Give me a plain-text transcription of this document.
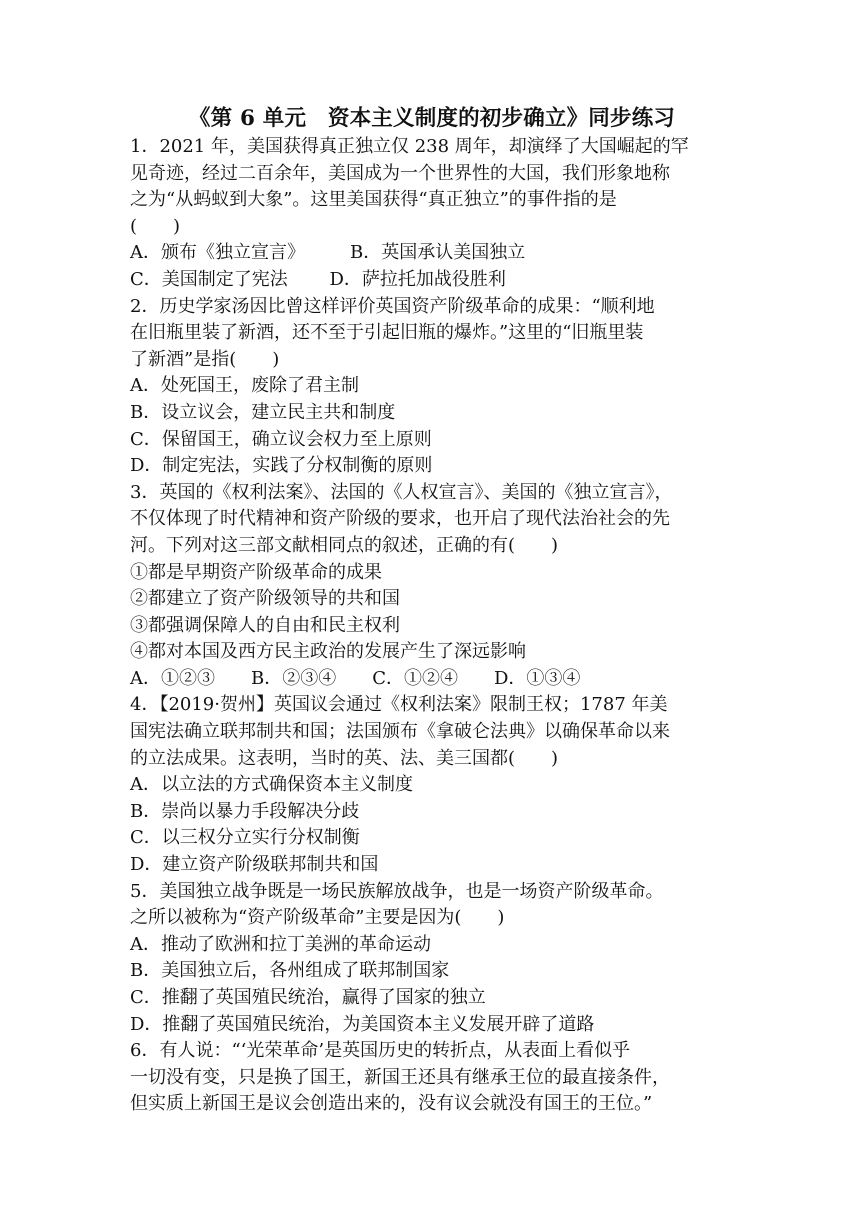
《第 6 单元　资本主义制度的初步确立》同步练习
1．2021 年，美国获得真正独立仅 238 周年，却演绎了大国崛起的罕
见奇迹，经过二百余年，美国成为一个世界性的大国，我们形象地称
之为“从蚂蚁到大象”。这里美国获得“真正独立”的事件指的是
(　　)
A．颁布《独立宣言》　　　B．英国承认美国独立
C．美国制定了宪法　　 D．萨拉托加战役胜利
2．历史学家汤因比曾这样评价英国资产阶级革命的成果：“顺利地
在旧瓶里装了新酒，还不至于引起旧瓶的爆炸。”这里的“旧瓶里装
了新酒”是指(　　)
A．处死国王，废除了君主制
B．设立议会，建立民主共和制度
C．保留国王，确立议会权力至上原则
D．制定宪法，实践了分权制衡的原则
3．英国的《权利法案》、法国的《人权宣言》、美国的《独立宣言》，
不仅体现了时代精神和资产阶级的要求，也开启了现代法治社会的先
河。下列对这三部文献相同点的叙述，正确的有(　　)
①都是早期资产阶级革命的成果
②都建立了资产阶级领导的共和国
③都强调保障人的自由和民主权利
④都对本国及西方民主政治的发展产生了深远影响
A．①②③　　B．②③④　　C．①②④　　D．①③④
4．【2019·贺州】英国议会通过《权利法案》限制王权；1787 年美
国宪法确立联邦制共和国；法国颁布《拿破仑法典》以确保革命以来
的立法成果。这表明，当时的英、法、美三国都(　　)
A．以立法的方式确保资本主义制度
B．崇尚以暴力手段解决分歧
C．以三权分立实行分权制衡
D．建立资产阶级联邦制共和国
5．美国独立战争既是一场民族解放战争，也是一场资产阶级革命。
之所以被称为“资产阶级革命”主要是因为(　　)
A．推动了欧洲和拉丁美洲的革命运动
B．美国独立后，各州组成了联邦制国家
C．推翻了英国殖民统治，赢得了国家的独立
D．推翻了英国殖民统治，为美国资本主义发展开辟了道路
6．有人说：“‘光荣革命’是英国历史的转折点，从表面上看似乎
一切没有变，只是换了国王，新国王还具有继承王位的最直接条件，
但实质上新国王是议会创造出来的，没有议会就没有国王的王位。”
